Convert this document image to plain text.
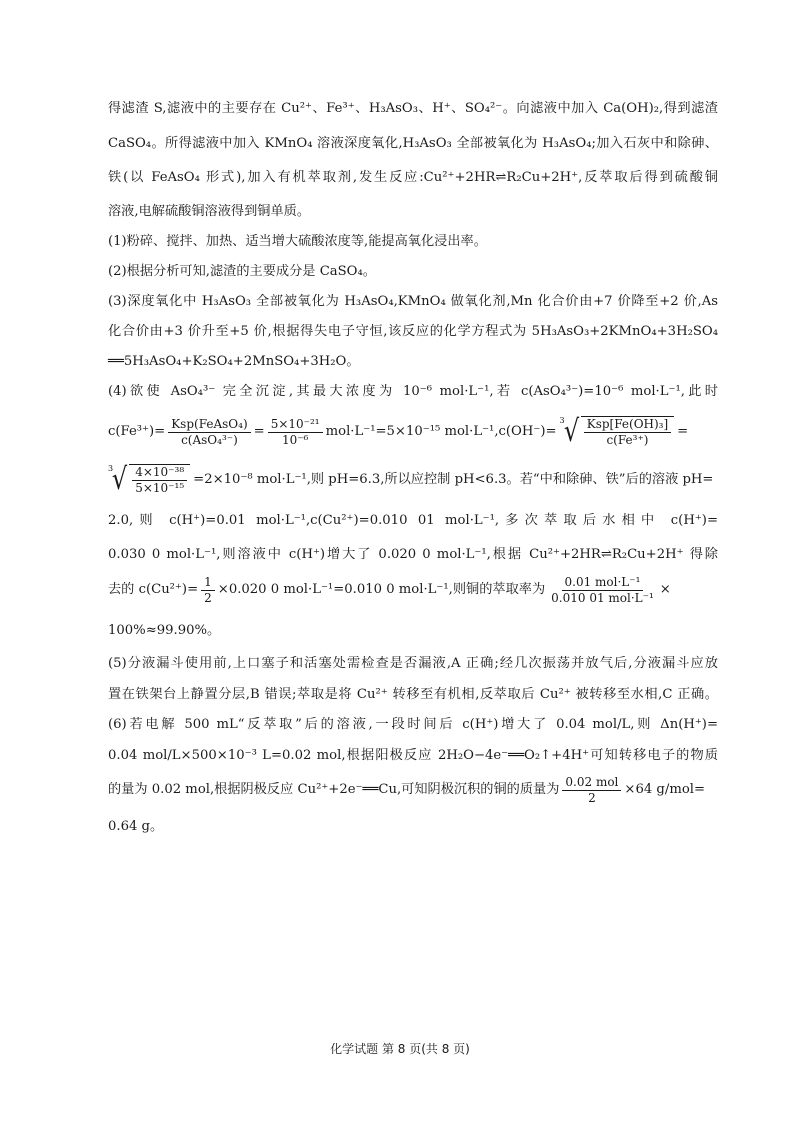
得滤渣 S,滤液中的主要存在 Cu²⁺、Fe³⁺、H₃AsO₃、H⁺、SO₄²⁻。向滤液中加入 Ca(OH)₂,得到滤渣
CaSO₄。所得滤液中加入 KMnO₄ 溶液深度氧化,H₃AsO₃ 全部被氧化为 H₃AsO₄;加入石灰中和除砷、
铁(以 FeAsO₄ 形式),加入有机萃取剂,发生反应:Cu²⁺+2HR⇌R₂Cu+2H⁺,反萃取后得到硫酸铜
溶液,电解硫酸铜溶液得到铜单质。
(1)粉碎、搅拌、加热、适当增大硫酸浓度等,能提高氧化浸出率。
(2)根据分析可知,滤渣的主要成分是 CaSO₄。
(3)深度氧化中 H₃AsO₃ 全部被氧化为 H₃AsO₄,KMnO₄ 做氧化剂,Mn 化合价由+7 价降至+2 价,As
化合价由+3 价升至+5 价,根据得失电子守恒,该反应的化学方程式为 5H₃AsO₃+2KMnO₄+3H₂SO₄
══5H₃AsO₄+K₂SO₄+2MnSO₄+3H₂O。
(4)欲使 AsO₄³⁻ 完全沉淀,其最大浓度为 10⁻⁶ mol·L⁻¹,若 c(AsO₄³⁻)=10⁻⁶ mol·L⁻¹,此时
$c(Fe^{3+})= \frac{\text{Ksp(FeAsO₄)}}{\text{c(AsO₄³⁻)}} = \frac{\text{5×10⁻²¹}}{\text{10⁻⁶}} mol\cdot L^{-1}=5\times 10^{-15}$ mol·L⁻¹,c(OH⁻)=
3
√ $\frac{\text{Ksp[Fe(OH)₃]}}{\text{c(Fe³⁺)}}$ =
3
√ $\frac{\text{4×10⁻³⁸}}{\text{5×10⁻¹⁵}} =2\times 10^{-8}$ mol·L⁻¹,则 pH=6.3,所以应控制 pH<6.3。若“中和除砷、铁”后的溶液 pH=
2.0,则 c(H⁺)=0.01 mol·L⁻¹,c(Cu²⁺)=0.010 01 mol·L⁻¹,多次萃取后水相中 c(H⁺)=
0.030 0 mol·L⁻¹,则溶液中 c(H⁺)增大了 0.020 0 mol·L⁻¹,根据 Cu²⁺+2HR⇌R₂Cu+2H⁺ 得除
去的 $c(Cu^{2+})= \frac{1}{2} \times 0.020$ 0 mol·L⁻¹=0.010 0 mol·L⁻¹,则铜的萃取率为 $\frac{\text{0.01 mol·L⁻¹}}{\text{0.010 01 mol·L⁻¹}}$ ×
100%≈99.90%。
(5)分液漏斗使用前,上口塞子和活塞处需检查是否漏液,A 正确;经几次振荡并放气后,分液漏斗应放
置在铁架台上静置分层,B 错误;萃取是将 Cu²⁺ 转移至有机相,反萃取后 Cu²⁺ 被转移至水相,C 正确。
(6)若电解 500 mL“反萃取”后的溶液,一段时间后 c(H⁺)增大了 0.04 mol/L,则 Δn(H⁺)=
0.04 mol/L×500×10⁻³ L=0.02 mol,根据阳极反应 2H₂O−4e⁻══O₂↑+4H⁺可知转移电子的物质
的量为 0.02 mol,根据阴极反应 Cu²⁺+2e⁻══Cu,可知阴极沉积的铜的质量为 $\frac{\text{0.02 mol}}{2} \times 64$ g/mol=
0.64 g。
化学试题 第 8 页(共 8 页)
